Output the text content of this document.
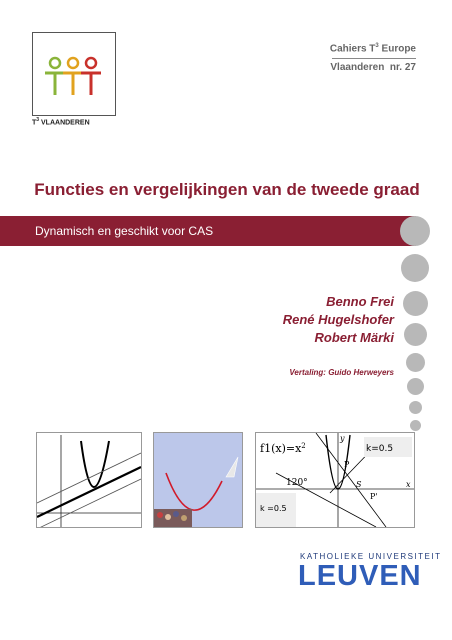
$T^3$ VLAANDEREN
Cahiers $T^3$ Europe
Vlaanderen  nr. 27
Functies en vergelijkingen van de tweede graad
Dynamisch en geschikt voor CAS
Benno Frei
René Hugelshofer
Robert Märki
Vertaling: Guido Herweyers
$f1(x)=x^2$	k=0.5
k =0.5
120°
P
P'
S	x
y
KATHOLIEKE UNIVERSITEIT
LEUVEN
